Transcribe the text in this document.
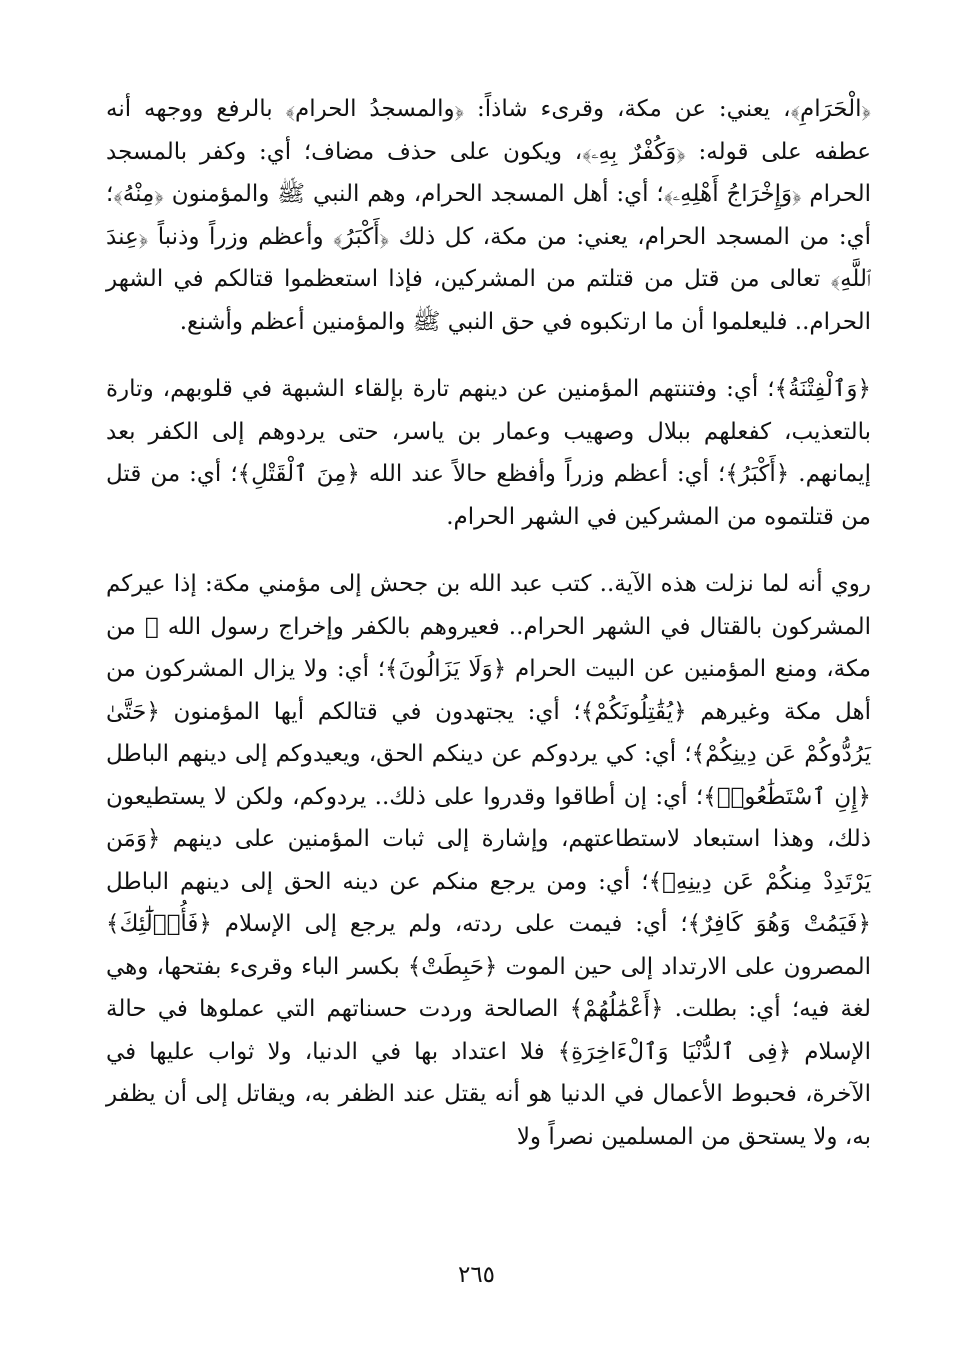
﴿الْحَرَامِ﴾، يعني: عن مكة، وقرىء شاذاً: ﴿والمسجدُ الحرام﴾ بالرفع ووجهه أنه عطفه على قوله: ﴿وَكُفْرٌ بِهِۦ﴾، ويكون على حذف مضاف؛ أي: وكفر بالمسجد الحرام ﴿وَإِخْرَاجُ أَهْلِهِۦ﴾؛ أي: أهل المسجد الحرام، وهم النبي ﷺ والمؤمنون ﴿مِنْهُ﴾؛ أي: من المسجد الحرام، يعني: من مكة، كل ذلك ﴿أَكْبَرُ﴾ وأعظم وزراً وذنباً ﴿عِندَ ٱللَّهِ﴾ تعالى من قتل من قتلتم من المشركين، فإذا استعظموا قتالكم في الشهر الحرام.. فليعلموا أن ما ارتكبوه في حق النبي ﷺ والمؤمنين أعظم وأشنع.

﴿وَٱلْفِتْنَةُ﴾؛ أي: وفتنتهم المؤمنين عن دينهم تارة بإلقاء الشبهة في قلوبهم، وتارة بالتعذيب، كفعلهم ببلال وصهيب وعمار بن ياسر، حتى يردوهم إلى الكفر بعد إيمانهم. ﴿أَكْبَرُ﴾؛ أي: أعظم وزراً وأفظع حالاً عند الله ﴿مِنَ ٱلْقَتْلِ﴾؛ أي: من قتل من قتلتموه من المشركين في الشهر الحرام.

روي أنه لما نزلت هذه الآية.. كتب عبد الله بن جحش إلى مؤمني مكة: إذا عيركم المشركون بالقتال في الشهر الحرام.. فعيروهم بالكفر وإخراج رسول الله ﷺ من مكة، ومنع المؤمنين عن البيت الحرام ﴿وَلَا يَزَالُونَ﴾؛ أي: ولا يزال المشركون من أهل مكة وغيرهم ﴿يُقَٰتِلُونَكُمْ﴾؛ أي: يجتهدون في قتالكم أيها المؤمنون ﴿حَتَّىٰ يَرُدُّوكُمْ عَن دِينِكُمْ﴾؛ أي: كي يردوكم عن دينكم الحق، ويعيدوكم إلى دينهم الباطل ﴿إِنِ ٱسْتَطَٰعُوا۟﴾؛ أي: إن أطاقوا وقدروا على ذلك.. يردوكم، ولكن لا يستطيعون ذلك، وهذا استبعاد لاستطاعتهم، وإشارة إلى ثبات المؤمنين على دينهم ﴿وَمَن يَرْتَدِدْ مِنكُمْ عَن دِينِهِۦ﴾؛ أي: ومن يرجع منكم عن دينه الحق إلى دينهم الباطل ﴿فَيَمُتْ وَهُوَ كَافِرٌ﴾؛ أي: فيمت على ردته، ولم يرجع إلى الإسلام ﴿فَأُو۟لَٰٓئِكَ﴾ المصرون على الارتداد إلى حين الموت ﴿حَبِطَتْ﴾ بكسر الباء وقرىء بفتحها، وهي لغة فيه؛ أي: بطلت. ﴿أَعْمَٰلُهُمْ﴾ الصالحة وردت حسناتهم التي عملوها في حالة الإسلام ﴿فِى ٱلدُّنْيَا وَٱلْءَاخِرَةِ﴾ فلا اعتداد بها في الدنيا، ولا ثواب عليها في الآخرة، فحبوط الأعمال في الدنيا هو أنه يقتل عند الظفر به، ويقاتل إلى أن يظفر به، ولا يستحق من المسلمين نصراً ولا

٢٦٥
